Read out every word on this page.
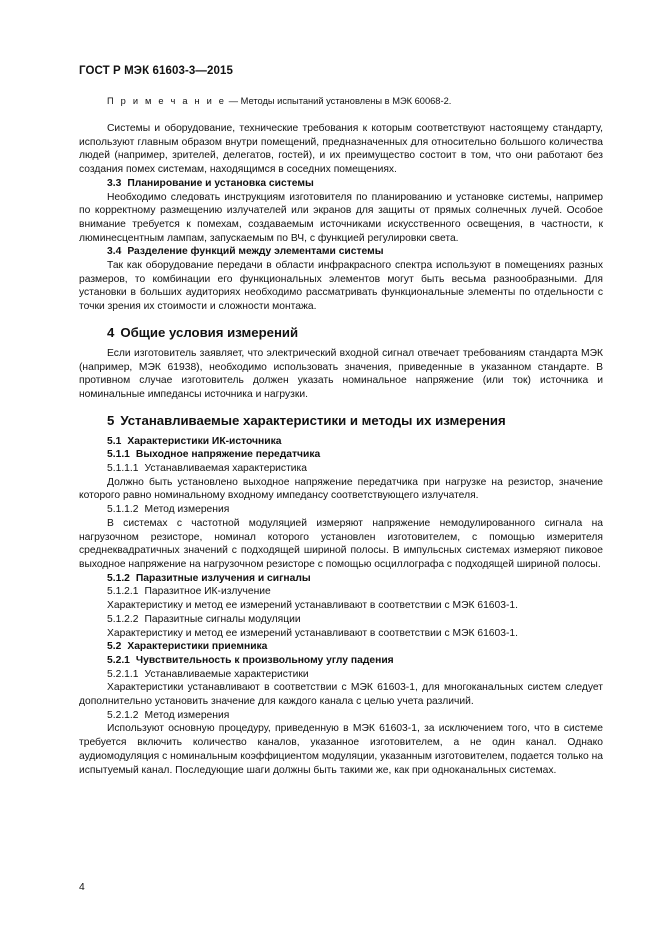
ГОСТ Р МЭК 61603-3—2015

П р и м е ч а н и е — Методы испытаний установлены в МЭК 60068-2.

Системы и оборудование, технические требования к которым соответствуют настоящему стандарту, используют главным образом внутри помещений, предназначенных для относительно большого количества людей (например, зрителей, делегатов, гостей), и их преимущество состоит в том, что они работают без создания помех системам, находящимся в соседних помещениях.

3.3 Планирование и установка системы

Необходимо следовать инструкциям изготовителя по планированию и установке системы, например по корректному размещению излучателей или экранов для защиты от прямых солнечных лучей. Особое внимание требуется к помехам, создаваемым источниками искусственного освещения, в частности, к люминесцентным лампам, запускаемым по ВЧ, с функцией регулировки света.

3.4 Разделение функций между элементами системы

Так как оборудование передачи в области инфракрасного спектра используют в помещениях разных размеров, то комбинации его функциональных элементов могут быть весьма разнообразными. Для установки в больших аудиториях необходимо рассматривать функциональные элементы по отдельности с точки зрения их стоимости и сложности монтажа.

4 Общие условия измерений

Если изготовитель заявляет, что электрический входной сигнал отвечает требованиям стандарта МЭК (например, МЭК 61938), необходимо использовать значения, приведенные в указанном стандарте. В противном случае изготовитель должен указать номинальное напряжение (или ток) источника и номинальные импедансы источника и нагрузки.

5 Устанавливаемые характеристики и методы их измерения

5.1 Характеристики ИК-источника

5.1.1 Выходное напряжение передатчика

5.1.1.1 Устанавливаемая характеристика

Должно быть установлено выходное напряжение передатчика при нагрузке на резистор, значение которого равно номинальному входному импедансу соответствующего излучателя.

5.1.1.2 Метод измерения

В системах с частотной модуляцией измеряют напряжение немодулированного сигнала на нагрузочном резисторе, номинал которого установлен изготовителем, с помощью измерителя среднеквадратичных значений с подходящей шириной полосы. В импульсных системах измеряют пиковое выходное напряжение на нагрузочном резисторе с помощью осциллографа с подходящей шириной полосы.

5.1.2 Паразитные излучения и сигналы

5.1.2.1 Паразитное ИК-излучение

Характеристику и метод ее измерений устанавливают в соответствии с МЭК 61603-1.

5.1.2.2 Паразитные сигналы модуляции

Характеристику и метод ее измерений устанавливают в соответствии с МЭК 61603-1.

5.2 Характеристики приемника

5.2.1 Чувствительность к произвольному углу падения

5.2.1.1 Устанавливаемые характеристики

Характеристики устанавливают в соответствии с МЭК 61603-1, для многоканальных систем следует дополнительно установить значение для каждого канала с целью учета различий.

5.2.1.2 Метод измерения

Используют основную процедуру, приведенную в МЭК 61603-1, за исключением того, что в системе требуется включить количество каналов, указанное изготовителем, а не один канал. Однако аудиомодуляция с номинальным коэффициентом модуляции, указанным изготовителем, подается только на испытуемый канал. Последующие шаги должны быть такими же, как при одноканальных системах.

4
